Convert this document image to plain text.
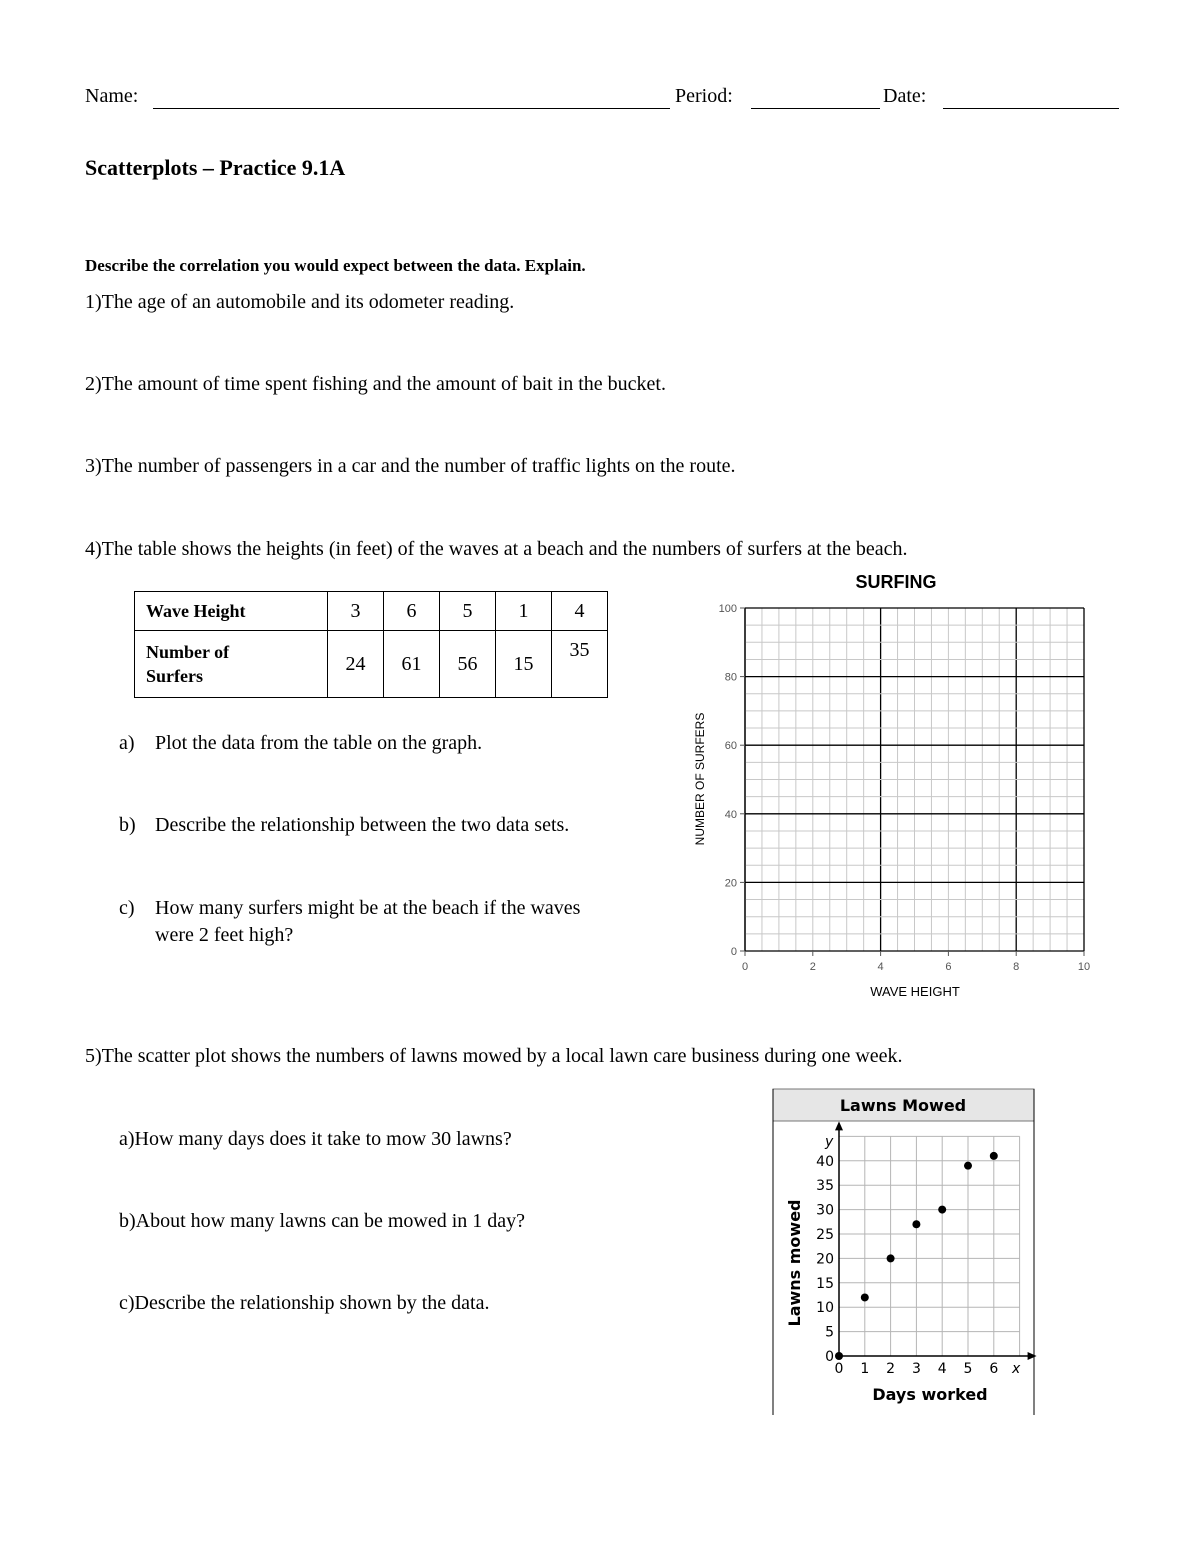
Name:	Period:	Date:
Scatterplots – Practice 9.1A
Describe the correlation you would expect between the data. Explain.
1)The age of an automobile and its odometer reading.
2)The amount of time spent fishing and the amount of bait in the bucket.
3)The number of passengers in a car and the number of traffic lights on the route.
4)The table shows the heights (in feet) of the waves at a beach and the numbers of surfers at the beach.
Wave Height	3	6	5	1	4
Number of
Surfers	24	61	56	15	35
a) Plot the data from the table on the graph.
b) Describe the relationship between the two data sets.
c) How many surfers might be at the beach if the waves
were 2 feet high?
SURFING
0	2	4	6	8	10
0
20
40
60
80
100
WAVE HEIGHT
NUMBER OF SURFERS
5)The scatter plot shows the numbers of lawns mowed by a local lawn care business during one week.
a)How many days does it take to mow 30 lawns?
b)About how many lawns can be mowed in 1 day?
c)Describe the relationship shown by the data.
Lawns Mowed
0 1 2 3 4 5 6
0
5
10
15
20
25
30
35
40
Days worked
Lawns mowed
x
y
